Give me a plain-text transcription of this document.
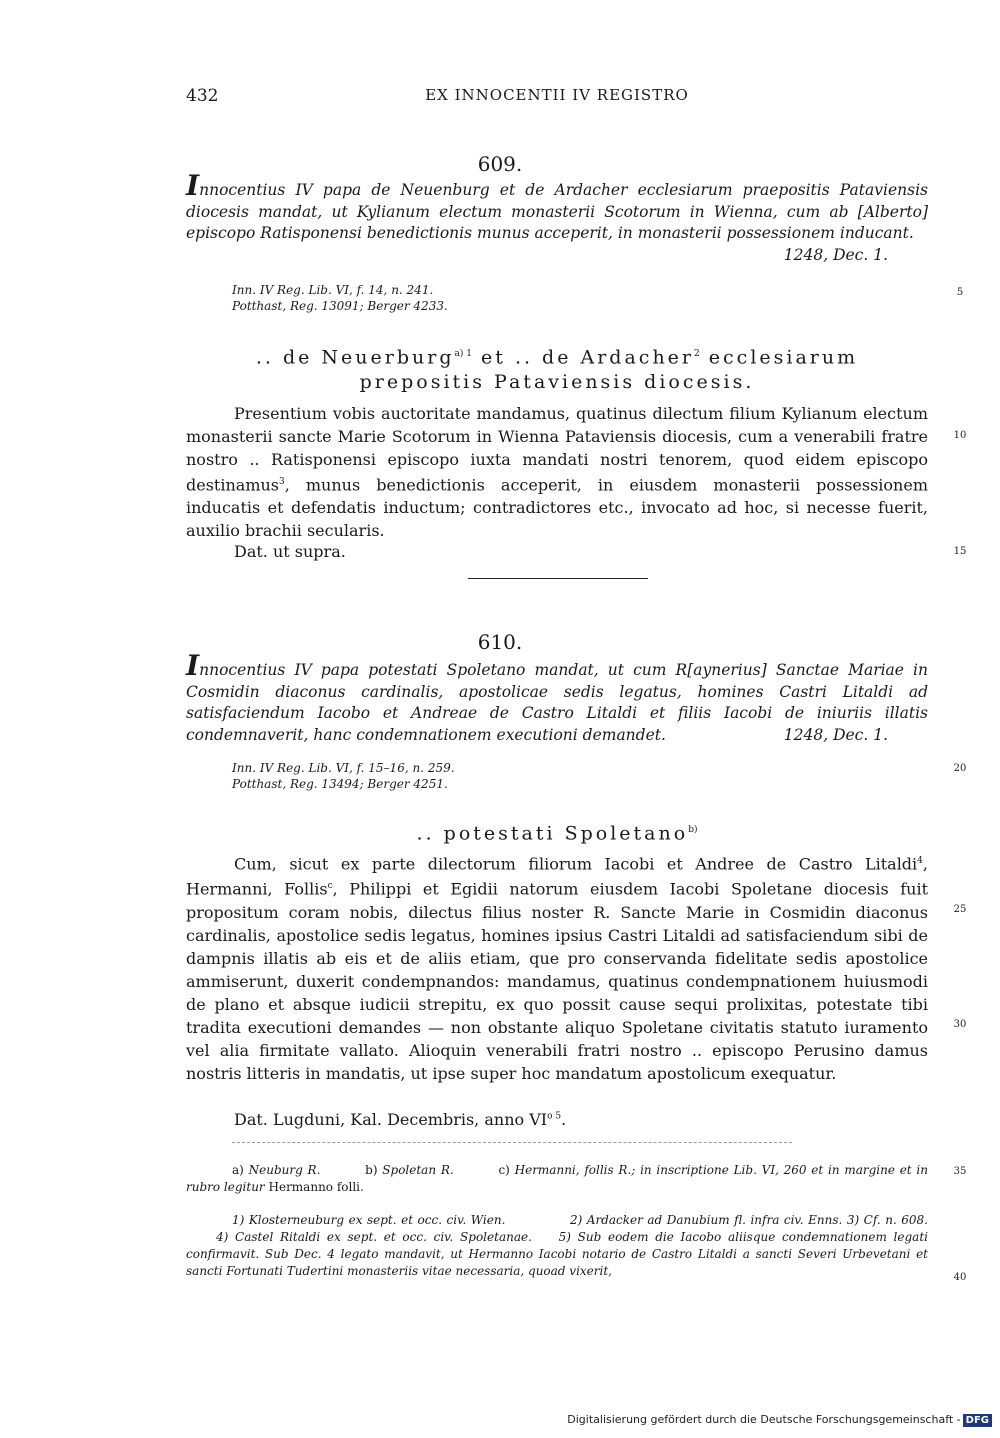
432	EX INNOCENTII IV REGISTRO
609.
Innocentius IV papa de Neuenburg et de Ardacher ecclesiarum praepositis Pataviensis diocesis mandat, ut Kylianum electum monasterii Scotorum in Wienna, cum ab [Alberto] episcopo Ratisponensi benedictionis munus acceperit, in monasterii possessionem inducant.
1248, Dec. 1.
Inn. IV Reg. Lib. VI, f. 14, n. 241.
Potthast, Reg. 13091; Berger 4233.
.. de Neuerburg$^{a) 1}$ et .. de Ardacher$^2$ ecclesiarum
prepositis Pataviensis diocesis.
Presentium vobis auctoritate mandamus, quatinus dilectum filium Kylianum electum monasterii sancte Marie Scotorum in Wienna Pataviensis diocesis, cum a venerabili fratre nostro .. Ratisponensi episcopo iuxta mandati nostri tenorem, quod eidem episcopo destinamus$^3$, munus benedictionis acceperit, in eiusdem monasterii possessionem inducatis et defendatis inductum; contradictores etc., invocato ad hoc, si necesse fuerit, auxilio brachii secularis.
Dat. ut supra.
610.
Innocentius IV papa potestati Spoletano mandat, ut cum R[aynerius] Sanctae Mariae in Cosmidin diaconus cardinalis, apostolicae sedis legatus, homines Castri Litaldi ad satisfaciendum Iacobo et Andreae de Castro Litaldi et filiis Iacobi de iniuriis illatis condemnaverit, hanc condemnationem executioni demandet.	1248, Dec. 1.
Inn. IV Reg. Lib. VI, f. 15–16, n. 259.
Potthast, Reg. 13494; Berger 4251.
.. potestati Spoletano$^{b)}$
Cum, sicut ex parte dilectorum filiorum Iacobi et Andree de Castro Litaldi$^4$, Hermanni, Follis$^c$, Philippi et Egidii natorum eiusdem Iacobi Spoletane diocesis fuit propositum coram nobis, dilectus filius noster R. Sancte Marie in Cosmidin diaconus cardinalis, apostolice sedis legatus, homines ipsius Castri Litaldi ad satisfaciendum sibi de dampnis illatis ab eis et de aliis etiam, que pro conservanda fidelitate sedis apostolice ammiserunt, duxerit condempnandos: mandamus, quatinus condempnationem huiusmodi de plano et absque iudicii strepitu, ex quo possit cause sequi prolixitas, potestate tibi tradita executioni demandes — non obstante aliquo Spoletane civitatis statuto iuramento vel alia firmitate vallato. Alioquin venerabili fratri nostro .. episcopo Perusino damus nostris litteris in mandatis, ut ipse super hoc mandatum apostolicum exequatur.
Dat. Lugduni, Kal. Decembris, anno $VI^{o 5}$.
a) Neuburg R.	b) Spoletan R.	c) Hermanni, follis R.; in inscriptione Lib. VI, 260 et in margine et in rubro legitur Hermanno folli.
1) Klosterneuburg ex sept. et occ. civ. Wien.	2) Ardacker ad Danubium fl. infra civ. Enns. 3) Cf. n. 608. 4) Castel Ritaldi ex sept. et occ. civ. Spoletanae. 5) Sub eodem die Iacobo aliisque condemnationem legati confirmavit. Sub Dec. 4 legato mandavit, ut Hermanno Iacobi notario de Castro Litaldi a sancti Severi Urbevetani et sancti Fortunati Tudertini monasteriis vitae necessaria, quoad vixerit,
5
10
15
20
25
30
35
40
Digitalisierung gefördert durch die Deutsche Forschungsgemeinschaft - DFG
